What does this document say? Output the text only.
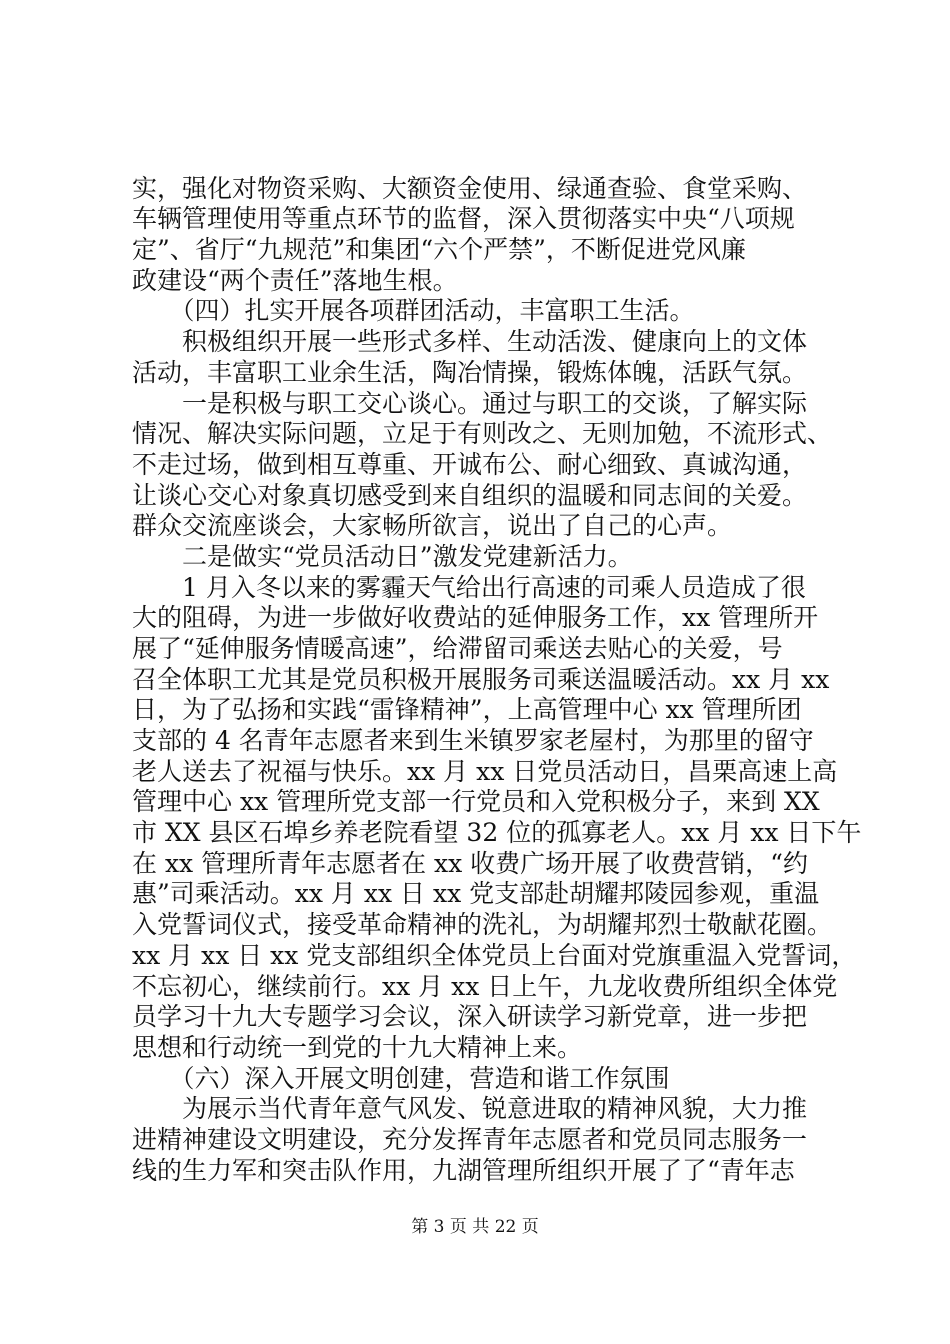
实，强化对物资采购、大额资金使用、绿通查验、食堂采购、
车辆管理使用等重点环节的监督，深入贯彻落实中央“八项规
定”、省厅“九规范”和集团“六个严禁”，不断促进党风廉
政建设“两个责任”落地生根。
　　（四）扎实开展各项群团活动，丰富职工生活。
　　积极组织开展一些形式多样、生动活泼、健康向上的文体
活动，丰富职工业余生活，陶冶情操，锻炼体魄，活跃气氛。
　　一是积极与职工交心谈心。通过与职工的交谈，了解实际
情况、解决实际问题，立足于有则改之、无则加勉，不流形式、
不走过场，做到相互尊重、开诚布公、耐心细致、真诚沟通，
让谈心交心对象真切感受到来自组织的温暖和同志间的关爱。
群众交流座谈会，大家畅所欲言，说出了自己的心声。
　　二是做实“党员活动日”激发党建新活力。
　　1 月入冬以来的雾霾天气给出行高速的司乘人员造成了很
大的阻碍，为进一步做好收费站的延伸服务工作，xx 管理所开
展了“延伸服务情暖高速”，给滞留司乘送去贴心的关爱，号
召全体职工尤其是党员积极开展服务司乘送温暖活动。xx 月 xx
日，为了弘扬和实践“雷锋精神”，上高管理中心 xx 管理所团
支部的 4 名青年志愿者来到生米镇罗家老屋村，为那里的留守
老人送去了祝福与快乐。xx 月 xx 日党员活动日，昌栗高速上高
管理中心 xx 管理所党支部一行党员和入党积极分子，来到 XX
市 XX 县区石埠乡养老院看望 32 位的孤寡老人。xx 月 xx 日下午
在 xx 管理所青年志愿者在 xx 收费广场开展了收费营销，“约
惠”司乘活动。xx 月 xx 日 xx 党支部赴胡耀邦陵园参观，重温
入党誓词仪式，接受革命精神的洗礼，为胡耀邦烈士敬献花圈。
xx 月 xx 日 xx 党支部组织全体党员上台面对党旗重温入党誓词，
不忘初心，继续前行。xx 月 xx 日上午，九龙收费所组织全体党
员学习十九大专题学习会议，深入研读学习新党章，进一步把
思想和行动统一到党的十九大精神上来。
　　（六）深入开展文明创建，营造和谐工作氛围
　　为展示当代青年意气风发、锐意进取的精神风貌，大力推
进精神建设文明建设，充分发挥青年志愿者和党员同志服务一
线的生力军和突击队作用，九湖管理所组织开展了了“青年志
第 3 页 共 22 页
